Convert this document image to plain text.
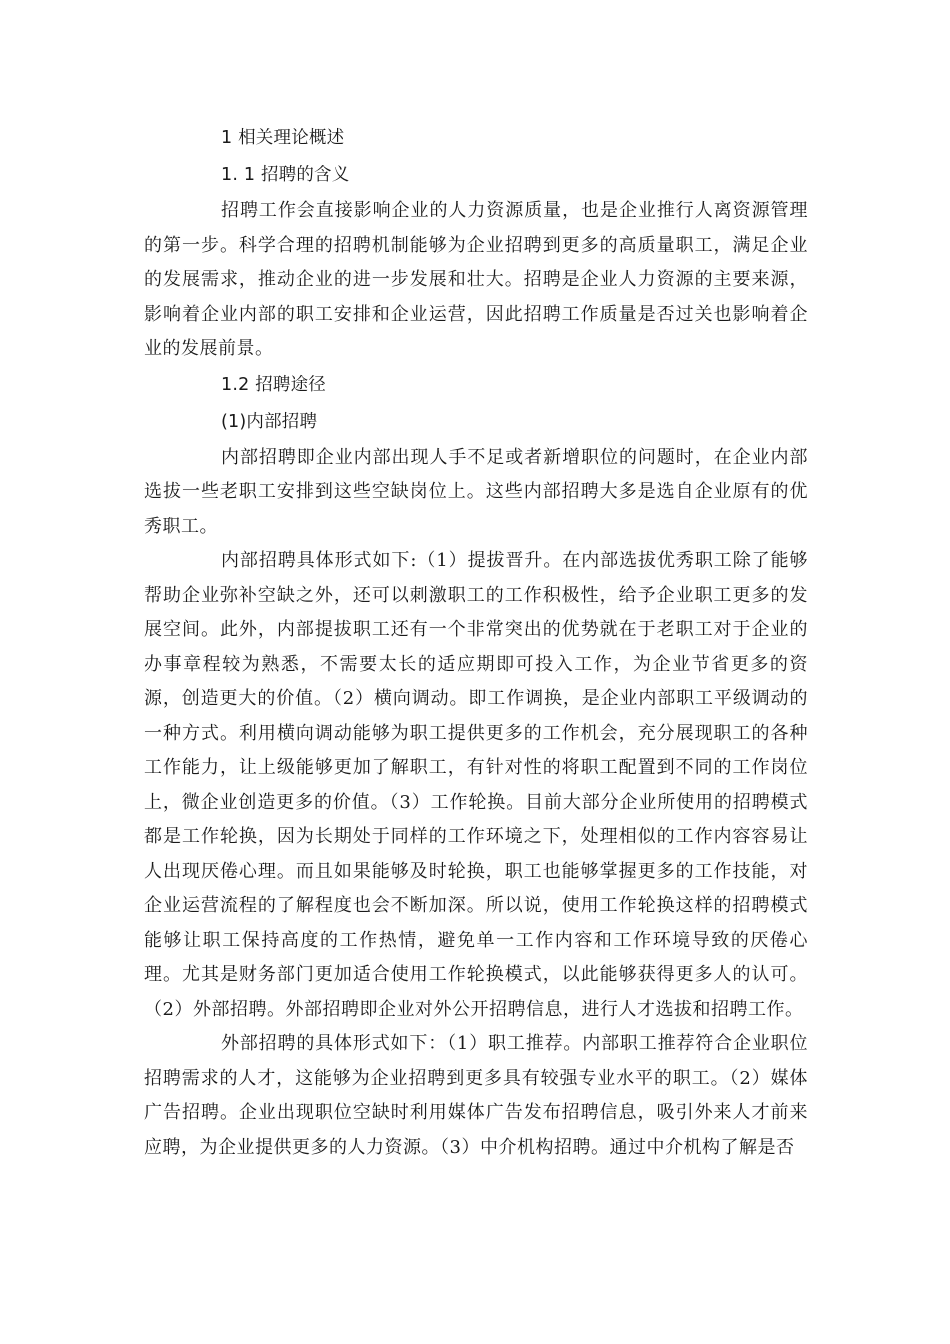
1 相关理论概述

1. 1 招聘的含义

招聘工作会直接影响企业的人力资源质量，也是企业推行人离资源管理的第一步。科学合理的招聘机制能够为企业招聘到更多的高质量职工，满足企业的发展需求，推动企业的进一步发展和壮大。招聘是企业人力资源的主要来源，影响着企业内部的职工安排和企业运营，因此招聘工作质量是否过关也影响着企业的发展前景。

1.2 招聘途径

(1)内部招聘

内部招聘即企业内部出现人手不足或者新增职位的问题时，在企业内部选拔一些老职工安排到这些空缺岗位上。这些内部招聘大多是选自企业原有的优秀职工。

内部招聘具体形式如下:（1）提拔晋升。在内部选拔优秀职工除了能够帮助企业弥补空缺之外，还可以刺激职工的工作积极性，给予企业职工更多的发展空间。此外，内部提拔职工还有一个非常突出的优势就在于老职工对于企业的办事章程较为熟悉，不需要太长的适应期即可投入工作，为企业节省更多的资源，创造更大的价值。（2）横向调动。即工作调换，是企业内部职工平级调动的一种方式。利用横向调动能够为职工提供更多的工作机会，充分展现职工的各种工作能力，让上级能够更加了解职工，有针对性的将职工配置到不同的工作岗位上，微企业创造更多的价值。（3）工作轮换。目前大部分企业所使用的招聘模式都是工作轮换，因为长期处于同样的工作环境之下，处理相似的工作内容容易让人出现厌倦心理。而且如果能够及时轮换，职工也能够掌握更多的工作技能，对企业运营流程的了解程度也会不断加深。所以说，使用工作轮换这样的招聘模式能够让职工保持高度的工作热情，避免单一工作内容和工作环境导致的厌倦心理。尤其是财务部门更加适合使用工作轮换模式，以此能够获得更多人的认可。（2）外部招聘。外部招聘即企业对外公开招聘信息，进行人才选拔和招聘工作。

外部招聘的具体形式如下：（1）职工推荐。内部职工推荐符合企业职位招聘需求的人才，这能够为企业招聘到更多具有较强专业水平的职工。（2）媒体广告招聘。企业出现职位空缺时利用媒体广告发布招聘信息，吸引外来人才前来应聘，为企业提供更多的人力资源。（3）中介机构招聘。通过中介机构了解是否
